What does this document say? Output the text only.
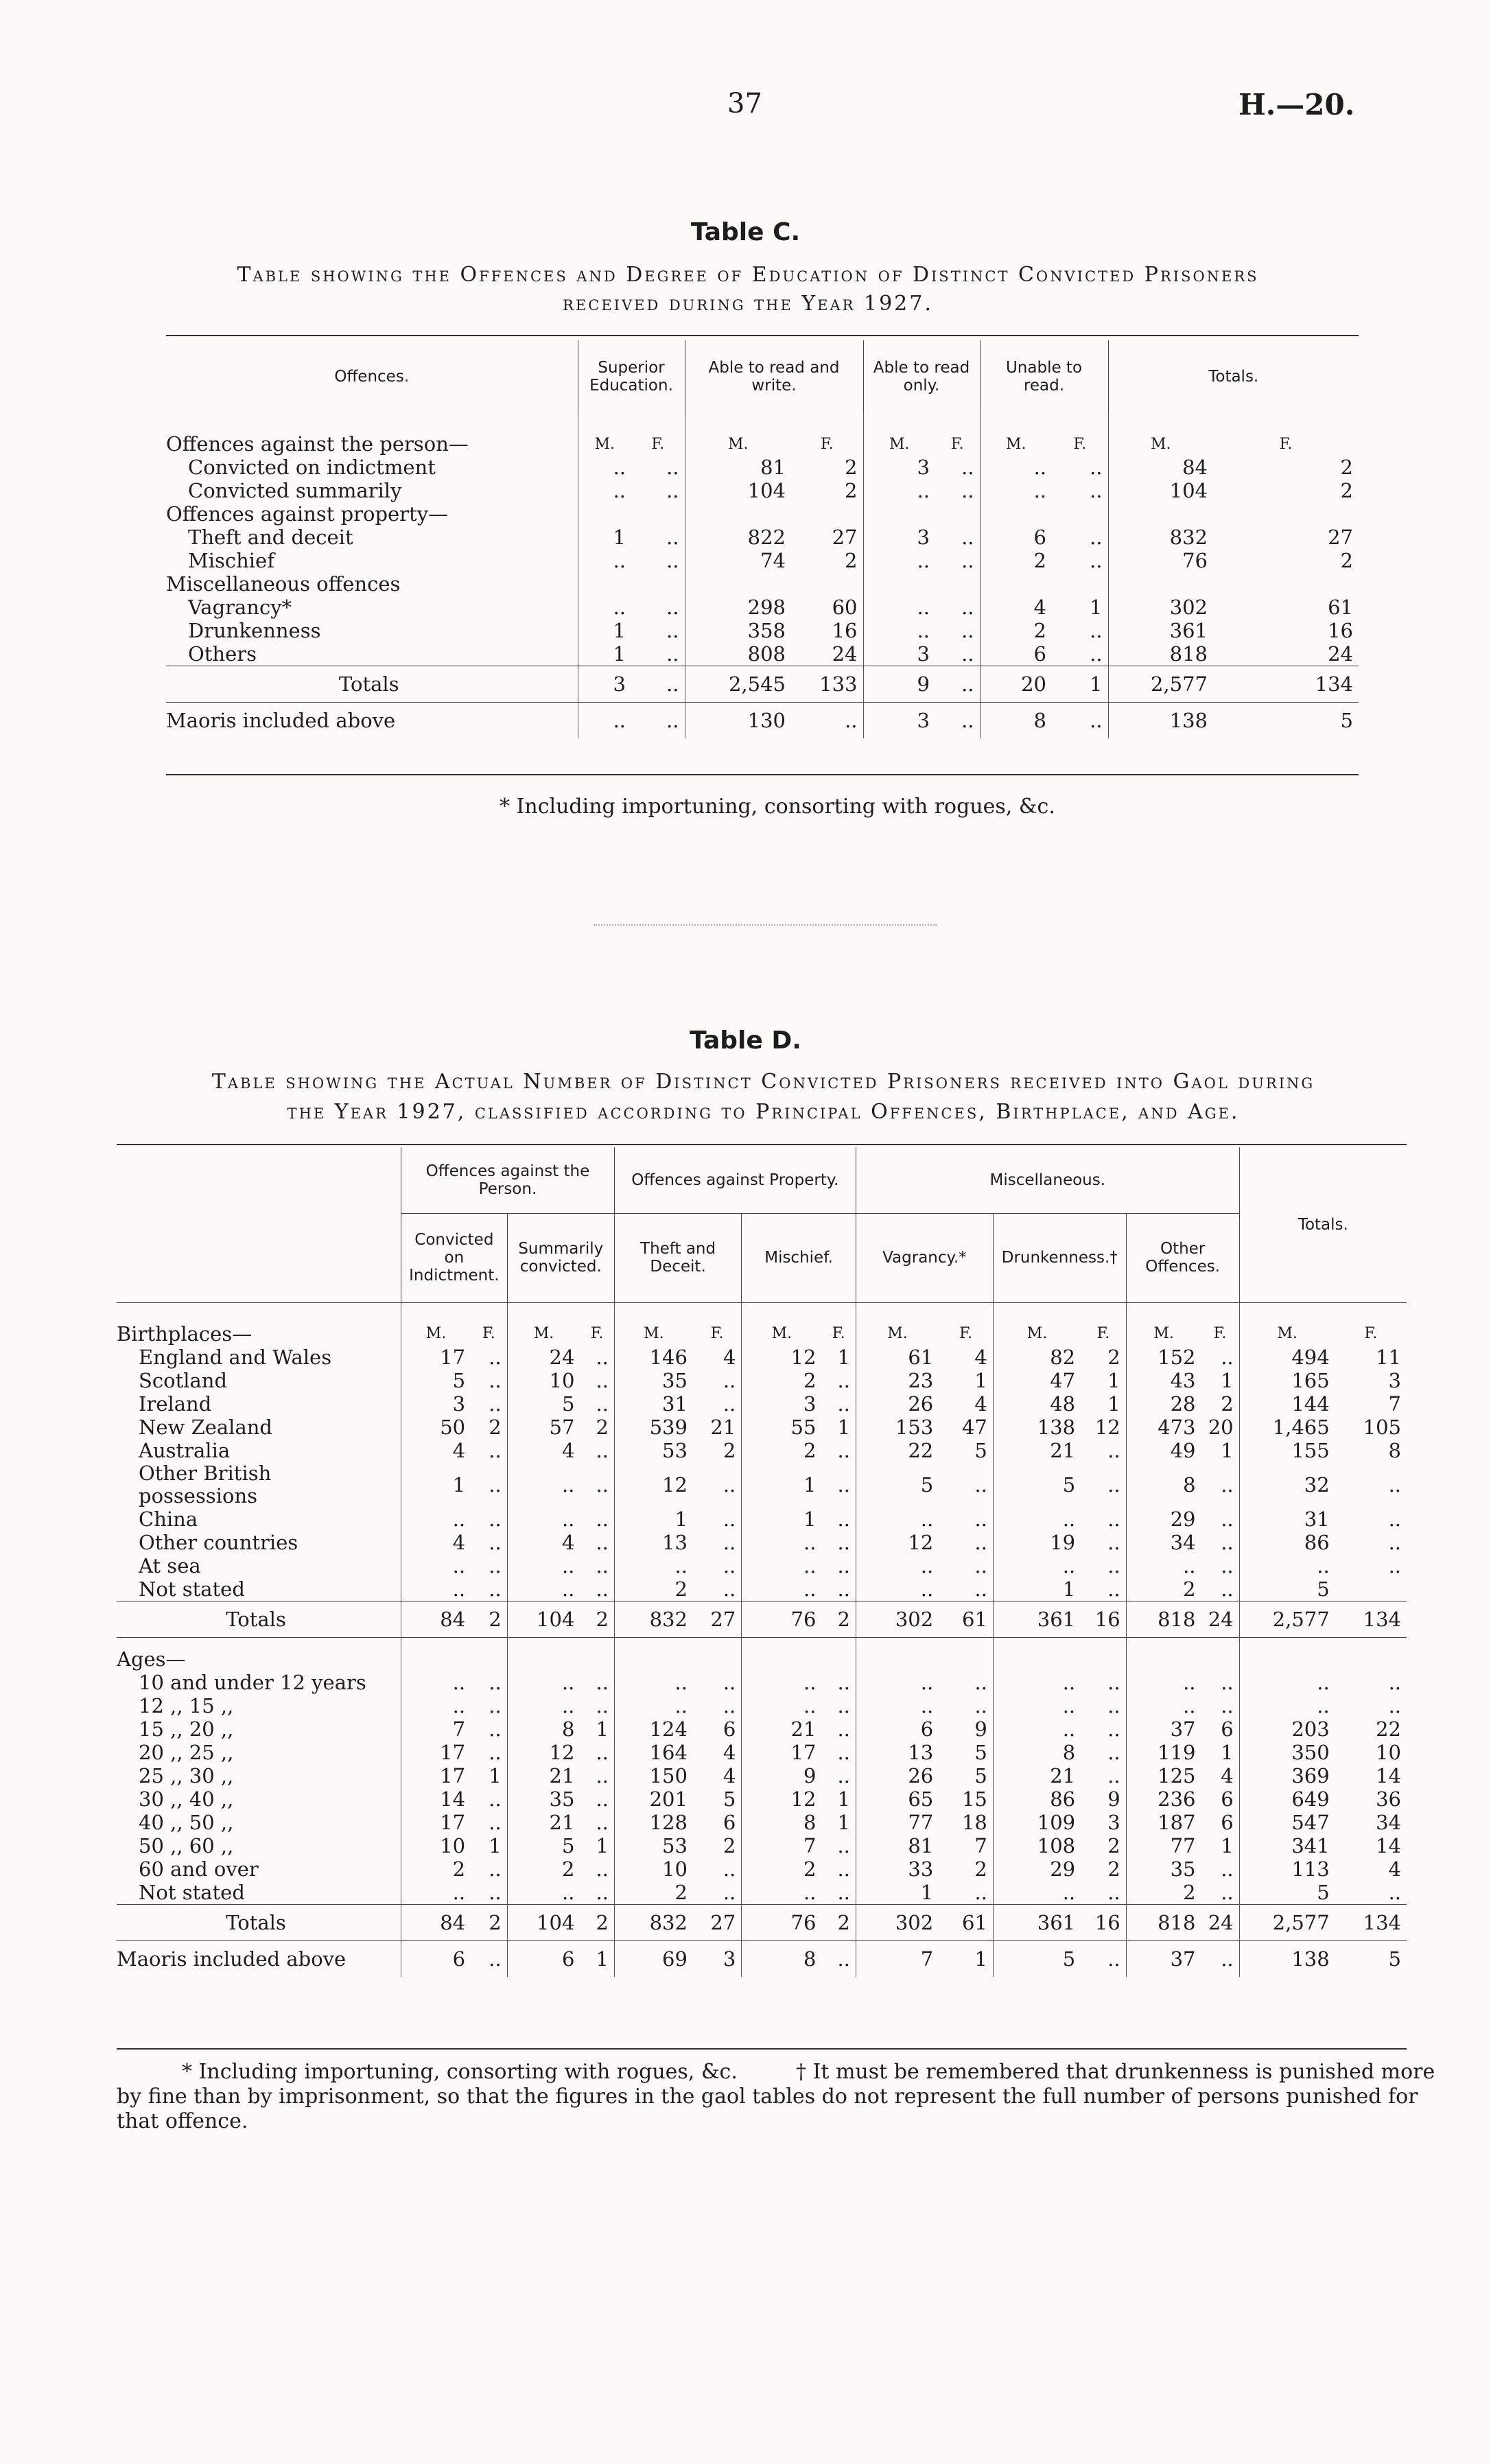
37	H.—20.
Table C.
Table showing the Offences and Degree of Education of Distinct Convicted Prisoners
received during the Year 1927.
Offences.	Superior Education.		Able to read and write.		Able to read only.		Unable to read.		Totals.	

Offences against the person—	M.	F.	M.	F.	M.	F.	M.	F.	M.	F.
Convicted on indictment	..	..	81	2	3	..	..	..	84	2
Convicted summarily	..	..	104	2	..	..	..	..	104	2
Offences against property—										
Theft and deceit	1	..	822	27	3	..	6	..	832	27
Mischief	..	..	74	2	..	..	2	..	76	2
Miscellaneous offences										
Vagrancy*	..	..	298	60	..	..	4	1	302	61
Drunkenness	1	..	358	16	..	..	2	..	361	16
Others	1	..	808	24	3	..	6	..	818	24
Totals	3	..	2,545	133	9	..	20	1	2,577	134
Maoris included above	..	..	130	..	3	..	8	..	138	5
* Including importuning, consorting with rogues, &c.
Table D.
Table showing the Actual Number of Distinct Convicted Prisoners received into Gaol during
the Year 1927, classified according to Principal Offences, Birthplace, and Age.
	Offences against the Person.				Offences against Property.				Miscellaneous.						Totals.	
	Convicted on Indictment.		Summarily convicted.		Theft and Deceit.		Mischief.		Vagrancy.*		Drunkenness.†		Other Offences.			

Birthplaces—	M.	F.	M.	F.	M.	F.	M.	F.	M.	F.	M.	F.	M.	F.	M.	F.
England and Wales	17	..	24	..	146	4	12	1	61	4	82	2	152	..	494	11
Scotland	5	..	10	..	35	..	2	..	23	1	47	1	43	1	165	3
Ireland	3	..	5	..	31	..	3	..	26	4	48	1	28	2	144	7
New Zealand	50	2	57	2	539	21	55	1	153	47	138	12	473	20	1,465	105
Australia	4	..	4	..	53	2	2	..	22	5	21	..	49	1	155	8
Other British possessions	1	..	..	..	12	..	1	..	5	..	5	..	8	..	32	..
China	..	..	..	..	1	..	1	..	..	..	..	..	29	..	31	..
Other countries	4	..	4	..	13	..	..	..	12	..	19	..	34	..	86	..
At sea	..	..	..	..	..	..	..	..	..	..	..	..	..	..	..	..
Not stated	..	..	..	..	2	..	..	..	..	..	1	..	2	..	5	
Totals	84	2	104	2	832	27	76	2	302	61	361	16	818	24	2,577	134

Ages—																
10 and under 12 years	..	..	..	..	..	..	..	..	..	..	..	..	..	..	..	..
12 ,, 15 ,,	..	..	..	..	..	..	..	..	..	..	..	..	..	..	..	..
15 ,, 20 ,,	7	..	8	1	124	6	21	..	6	9	..	..	37	6	203	22
20 ,, 25 ,,	17	..	12	..	164	4	17	..	13	5	8	..	119	1	350	10
25 ,, 30 ,,	17	1	21	..	150	4	9	..	26	5	21	..	125	4	369	14
30 ,, 40 ,,	14	..	35	..	201	5	12	1	65	15	86	9	236	6	649	36
40 ,, 50 ,,	17	..	21	..	128	6	8	1	77	18	109	3	187	6	547	34
50 ,, 60 ,,	10	1	5	1	53	2	7	..	81	7	108	2	77	1	341	14
60 and over	2	..	2	..	10	..	2	..	33	2	29	2	35	..	113	4
Not stated	..	..	..	..	2	..	..	..	1	..	..	..	2	..	5	..
Totals	84	2	104	2	832	27	76	2	302	61	361	16	818	24	2,577	134
Maoris included above	6	..	6	1	69	3	8	..	7	1	5	..	37	..	138	5
* Including importuning, consorting with rogues, &c.	† It must be remembered that drunkenness is punished more
by fine than by imprisonment, so that the figures in the gaol tables do not represent the full number of persons punished for
that offence.
